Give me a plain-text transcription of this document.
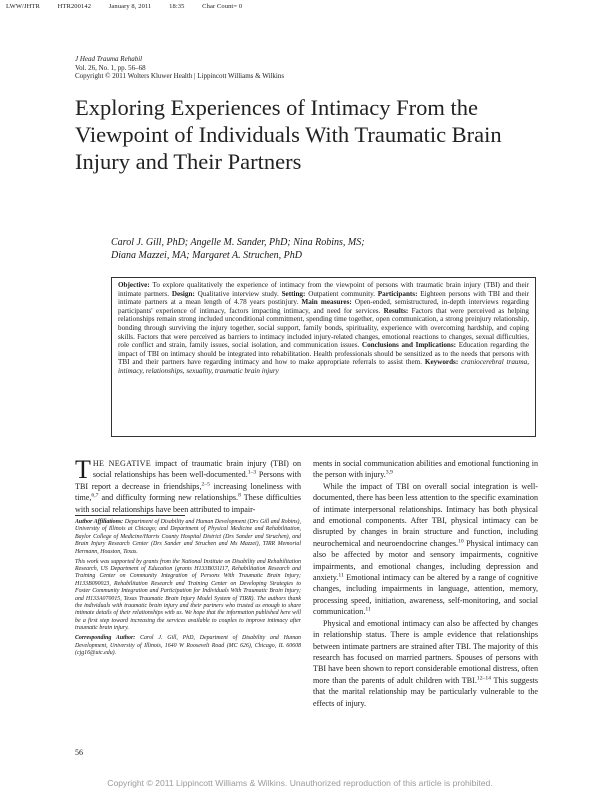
LWW/JHTR	HTR200142	January 8, 2011	18:35	Char Count= 0
J Head Trauma Rehabil
Vol. 26, No. 1, pp. 56–68
Copyright © 2011 Wolters Kluwer Health | Lippincott Williams & Wilkins
Exploring Experiences of Intimacy From the Viewpoint of Individuals With Traumatic Brain Injury and Their Partners
Carol J. Gill, PhD; Angelle M. Sander, PhD; Nina Robins, MS;
Diana Mazzei, MA; Margaret A. Struchen, PhD
Objective: To explore qualitatively the experience of intimacy from the viewpoint of persons with traumatic brain injury (TBI) and their intimate partners. Design: Qualitative interview study. Setting: Outpatient community. Participants: Eighteen persons with TBI and their intimate partners at a mean length of 4.78 years postinjury. Main measures: Open-ended, semistructured, in-depth interviews regarding participants' experience of intimacy, factors impacting intimacy, and need for services. Results: Factors that were perceived as helping relationships remain strong included unconditional commitment, spending time together, open communication, a strong preinjury relationship, bonding through surviving the injury together, social support, family bonds, spirituality, experience with overcoming hardship, and coping skills. Factors that were perceived as barriers to intimacy included injury-related changes, emotional reactions to changes, sexual difficulties, role conflict and strain, family issues, social isolation, and communication issues. Conclusions and Implications: Education regarding the impact of TBI on intimacy should be integrated into rehabilitation. Health professionals should be sensitized as to the needs that persons with TBI and their partners have regarding intimacy and how to make appropriate referrals to assist them. Keywords: craniocerebral trauma, intimacy, relationships, sexuality, traumatic brain injury

THE NEGATIVE impact of traumatic brain injury (TBI) on social relationships has been well-documented.$^{1-3}$ Persons with TBI report a decrease in friendships,$^{2-5}$ increasing loneliness with time,$^{6,7}$ and difficulty forming new relationships.$^8$ These difficulties with social relationships have been attributed to impair-

Author Affiliations: Department of Disability and Human Development (Drs Gill and Robins), University of Illinois at Chicago; and Department of Physical Medicine and Rehabilitation, Baylor College of Medicine/Harris County Hospital District (Drs Sander and Struchen), and Brain Injury Research Center (Drs Sander and Struchen and Ms Mazzei), TIRR Memorial Hermann, Houston, Texas.

This work was supported by grants from the National Institute on Disability and Rehabilitation Research, US Department of Education (grants H133B031117, Rehabilitation Research and Training Center on Community Integration of Persons With Traumatic Brain Injury; H133B090023, Rehabilitation Research and Training Center on Developing Strategies to Foster Community Integration and Participation for Individuals With Traumatic Brain Injury; and H133A070015, Texas Traumatic Brain Injury Model System of TIRR). The authors thank the individuals with traumatic brain injury and their partners who trusted us enough to share intimate details of their relationships with us. We hope that the information published here will be a first step toward increasing the services available to couples to improve intimacy after traumatic brain injury.

Corresponding Author: Carol J. Gill, PhD, Department of Disability and Human Development, University of Illinois, 1640 W Roosevelt Road (MC 626), Chicago, IL 60608 (cjg16@uic.edu).

ments in social communication abilities and emotional functioning in the person with injury.$^{3,9}$

While the impact of TBI on overall social integration is well-documented, there has been less attention to the specific examination of intimate interpersonal relationships. Intimacy has both physical and emotional components. After TBI, physical intimacy can be disrupted by changes in brain structure and function, including neurochemical and neuroendocrine changes.$^{10}$ Physical intimacy can also be affected by motor and sensory impairments, cognitive impairments, and emotional changes, including depression and anxiety.$^{11}$ Emotional intimacy can be altered by a range of cognitive changes, including impairments in language, attention, memory, processing speed, initiation, awareness, self-monitoring, and social communication.$^{11}$

Physical and emotional intimacy can also be affected by changes in relationship status. There is ample evidence that relationships between intimate partners are strained after TBI. The majority of this research has focused on married partners. Spouses of persons with TBI have been shown to report considerable emotional distress, often more than the parents of adult children with TBI.$^{12-14}$ This suggests that the marital relationship may be particularly vulnerable to the effects of injury.

56
Copyright © 2011 Lippincott Williams & Wilkins. Unauthorized reproduction of this article is prohibited.
